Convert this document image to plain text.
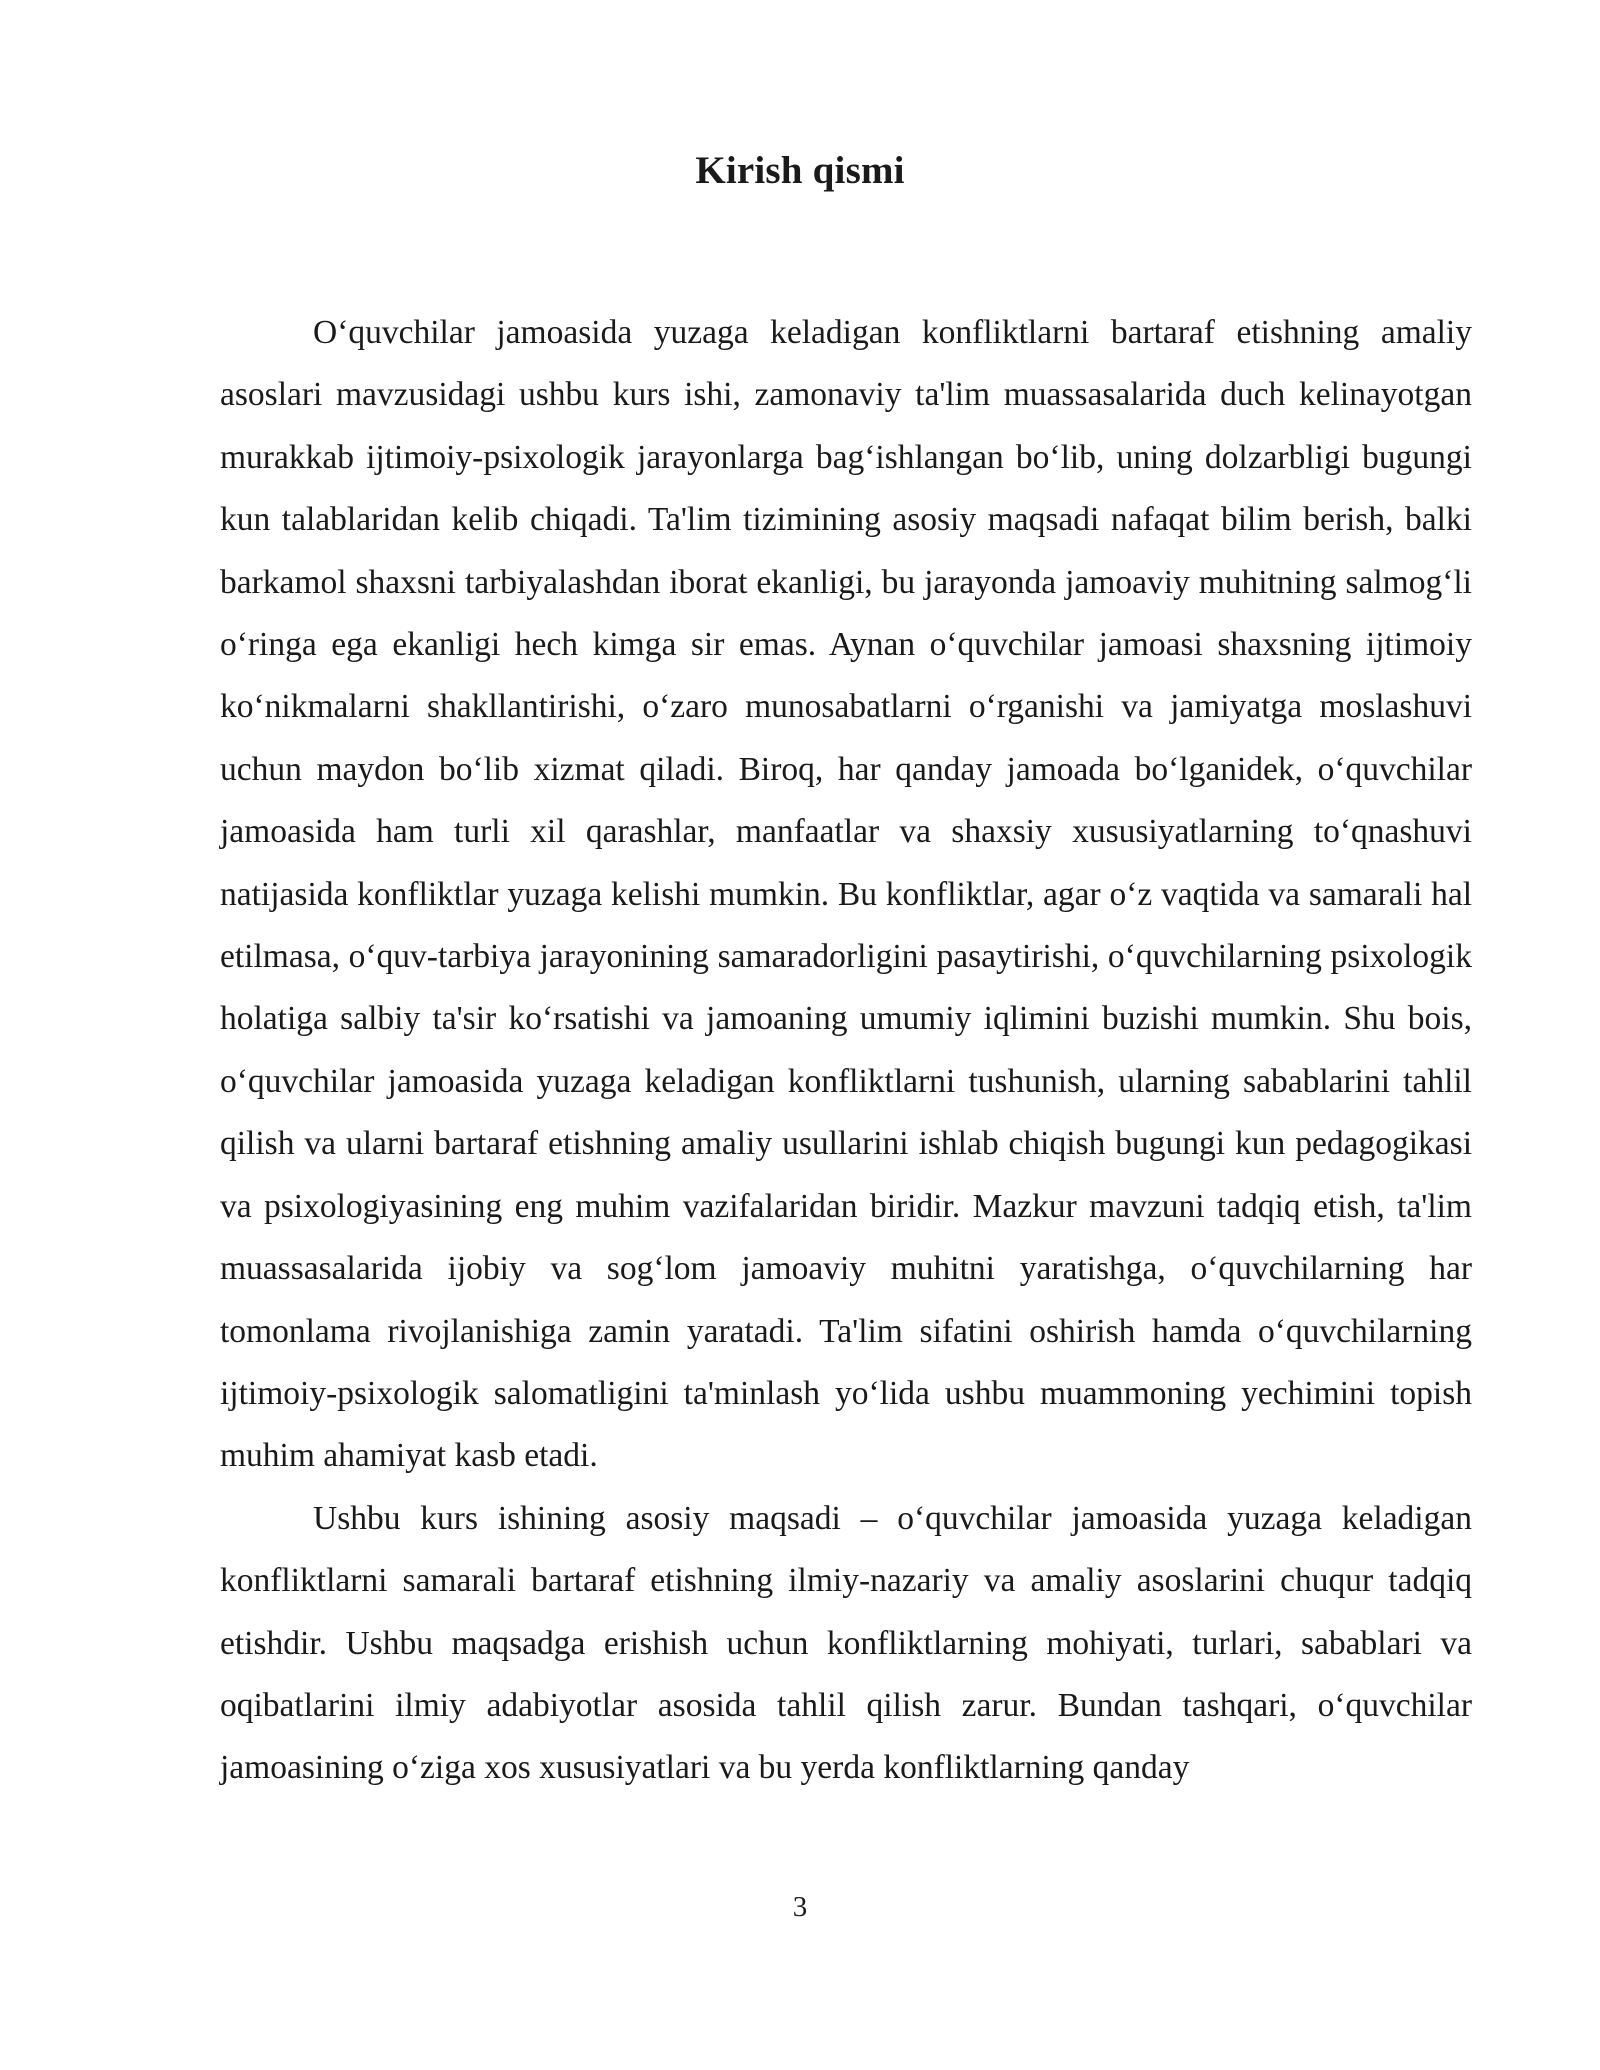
Kirish qismi

O‘quvchilar jamoasida yuzaga keladigan konfliktlarni bartaraf etishning amaliy asoslari mavzusidagi ushbu kurs ishi, zamonaviy ta'lim muassasalarida duch kelinayotgan murakkab ijtimoiy-psixologik jarayonlarga bag‘ishlangan bo‘lib, uning dolzarbligi bugungi kun talablaridan kelib chiqadi. Ta'lim tizimining asosiy maqsadi nafaqat bilim berish, balki barkamol shaxsni tarbiyalashdan iborat ekanligi, bu jarayonda jamoaviy muhitning salmog‘li o‘ringa ega ekanligi hech kimga sir emas. Aynan o‘quvchilar jamoasi shaxsning ijtimoiy ko‘nikmalarni shakllantirishi, o‘zaro munosabatlarni o‘rganishi va jamiyatga moslashuvi uchun maydon bo‘lib xizmat qiladi. Biroq, har qanday jamoada bo‘lganidek, o‘quvchilar jamoasida ham turli xil qarashlar, manfaatlar va shaxsiy xususiyatlarning to‘qnashuvi natijasida konfliktlar yuzaga kelishi mumkin. Bu konfliktlar, agar o‘z vaqtida va samarali hal etilmasa, o‘quv-tarbiya jarayonining samaradorligini pasaytirishi, o‘quvchilarning psixologik holatiga salbiy ta'sir ko‘rsatishi va jamoaning umumiy iqlimini buzishi mumkin. Shu bois, o‘quvchilar jamoasida yuzaga keladigan konfliktlarni tushunish, ularning sabablarini tahlil qilish va ularni bartaraf etishning amaliy usullarini ishlab chiqish bugungi kun pedagogikasi va psixologiyasining eng muhim vazifalaridan biridir. Mazkur mavzuni tadqiq etish, ta'lim muassasalarida ijobiy va sog‘lom jamoaviy muhitni yaratishga, o‘quvchilarning har tomonlama rivojlanishiga zamin yaratadi. Ta'lim sifatini oshirish hamda o‘quvchilarning ijtimoiy-psixologik salomatligini ta'minlash yo‘lida ushbu muammoning yechimini topish muhim ahamiyat kasb etadi.

Ushbu kurs ishining asosiy maqsadi – o‘quvchilar jamoasida yuzaga keladigan konfliktlarni samarali bartaraf etishning ilmiy-nazariy va amaliy asoslarini chuqur tadqiq etishdir. Ushbu maqsadga erishish uchun konfliktlarning mohiyati, turlari, sabablari va oqibatlarini ilmiy adabiyotlar asosida tahlil qilish zarur. Bundan tashqari, o‘quvchilar jamoasining o‘ziga xos xususiyatlari va bu yerda konfliktlarning qanday

3
